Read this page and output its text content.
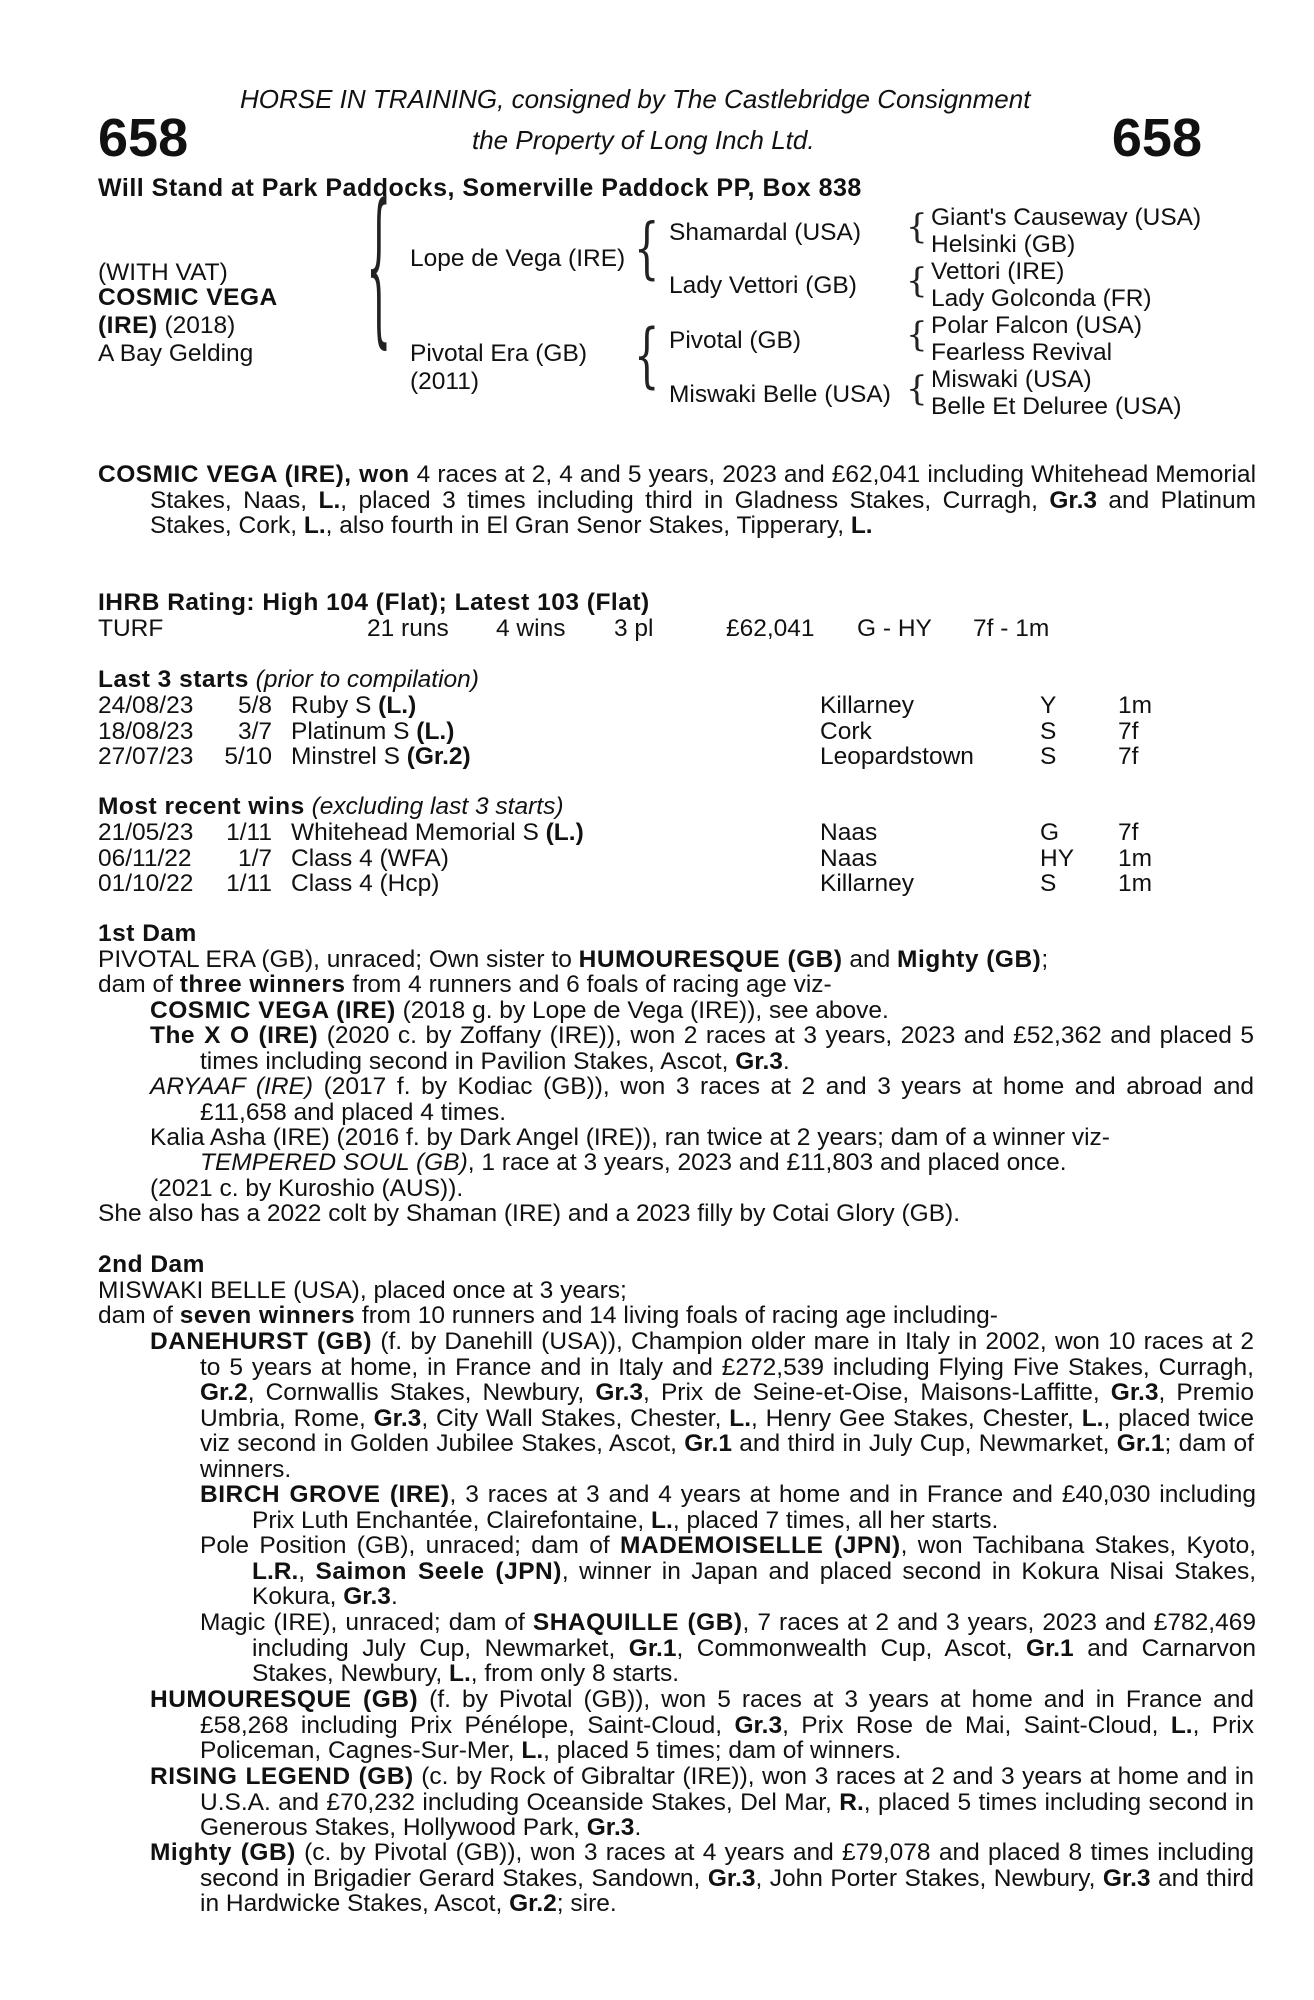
658	658
HORSE IN TRAINING, consigned by The Castlebridge Consignment
the Property of Long Inch Ltd.
Will Stand at Park Paddocks, Somerville Paddock PP, Box 838
(WITH VAT)
COSMIC VEGA
(IRE) (2018)
A Bay Gelding	{ Lope de Vega (IRE)
Pivotal Era (GB)
(2011)
{
{
Shamardal (USA)
Lady Vettori (GB)
Pivotal (GB)
Miswaki Belle (USA)
{
{
{
{
Giant's Causeway (USA)
Helsinki (GB)
Vettori (IRE)
Lady Golconda (FR)
Polar Falcon (USA)
Fearless Revival
Miswaki (USA)
Belle Et Deluree (USA)
COSMIC VEGA (IRE), won 4 races at 2, 4 and 5 years, 2023 and £62,041 including Whitehead Memorial Stakes, Naas, L., placed 3 times including third in Gladness Stakes, Curragh, Gr.3 and Platinum Stakes, Cork, L., also fourth in El Gran Senor Stakes, Tipperary, L.
IHRB Rating: High 104 (Flat); Latest 103 (Flat)
TURF	21 runs 4 wins 3 pl	£62,041 G - HY 7f - 1m
Last 3 starts (prior to compilation)
24/08/23 5/8 Ruby S (L.)	Killarney	Y	1m
18/08/23 3/7 Platinum S (L.)	Cork	S	7f
27/07/23 5/10 Minstrel S (Gr.2)	Leopardstown	S	7f
Most recent wins (excluding last 3 starts)
21/05/23 1/11 Whitehead Memorial S (L.)	Naas	G 7f
06/11/22 1/7 Class 4 (WFA)	Naas	HY 1m
01/10/22 1/11 Class 4 (Hcp)	Killarney	S	1m
1st Dam
PIVOTAL ERA (GB), unraced; Own sister to HUMOURESQUE (GB) and Mighty (GB);
dam of three winners from 4 runners and 6 foals of racing age viz-
COSMIC VEGA (IRE) (2018 g. by Lope de Vega (IRE)), see above.
The X O (IRE) (2020 c. by Zoffany (IRE)), won 2 races at 3 years, 2023 and £52,362 and placed 5 times including second in Pavilion Stakes, Ascot, Gr.3.
ARYAAF (IRE) (2017 f. by Kodiac (GB)), won 3 races at 2 and 3 years at home and abroad and £11,658 and placed 4 times.
Kalia Asha (IRE) (2016 f. by Dark Angel (IRE)), ran twice at 2 years; dam of a winner viz-
TEMPERED SOUL (GB), 1 race at 3 years, 2023 and £11,803 and placed once.
(2021 c. by Kuroshio (AUS)).
She also has a 2022 colt by Shaman (IRE) and a 2023 filly by Cotai Glory (GB).
2nd Dam
MISWAKI BELLE (USA), placed once at 3 years;
dam of seven winners from 10 runners and 14 living foals of racing age including-
DANEHURST (GB) (f. by Danehill (USA)), Champion older mare in Italy in 2002, won 10 races at 2 to 5 years at home, in France and in Italy and £272,539 including Flying Five Stakes, Curragh, Gr.2, Cornwallis Stakes, Newbury, Gr.3, Prix de Seine-et-Oise, Maisons-Laffitte, Gr.3, Premio Umbria, Rome, Gr.3, City Wall Stakes, Chester, L., Henry Gee Stakes, Chester, L., placed twice viz second in Golden Jubilee Stakes, Ascot, Gr.1 and third in July Cup, Newmarket, Gr.1; dam of winners.
BIRCH GROVE (IRE), 3 races at 3 and 4 years at home and in France and £40,030 including Prix Luth Enchantée, Clairefontaine, L., placed 7 times, all her starts.
Pole Position (GB), unraced; dam of MADEMOISELLE (JPN), won Tachibana Stakes, Kyoto, L.R., Saimon Seele (JPN), winner in Japan and placed second in Kokura Nisai Stakes, Kokura, Gr.3.
Magic (IRE), unraced; dam of SHAQUILLE (GB), 7 races at 2 and 3 years, 2023 and £782,469 including July Cup, Newmarket, Gr.1, Commonwealth Cup, Ascot, Gr.1 and Carnarvon Stakes, Newbury, L., from only 8 starts.
HUMOURESQUE (GB) (f. by Pivotal (GB)), won 5 races at 3 years at home and in France and £58,268 including Prix Pénélope, Saint-Cloud, Gr.3, Prix Rose de Mai, Saint-Cloud, L., Prix Policeman, Cagnes-Sur-Mer, L., placed 5 times; dam of winners.
RISING LEGEND (GB) (c. by Rock of Gibraltar (IRE)), won 3 races at 2 and 3 years at home and in U.S.A. and £70,232 including Oceanside Stakes, Del Mar, R., placed 5 times including second in Generous Stakes, Hollywood Park, Gr.3.
Mighty (GB) (c. by Pivotal (GB)), won 3 races at 4 years and £79,078 and placed 8 times including second in Brigadier Gerard Stakes, Sandown, Gr.3, John Porter Stakes, Newbury, Gr.3 and third in Hardwicke Stakes, Ascot, Gr.2; sire.
